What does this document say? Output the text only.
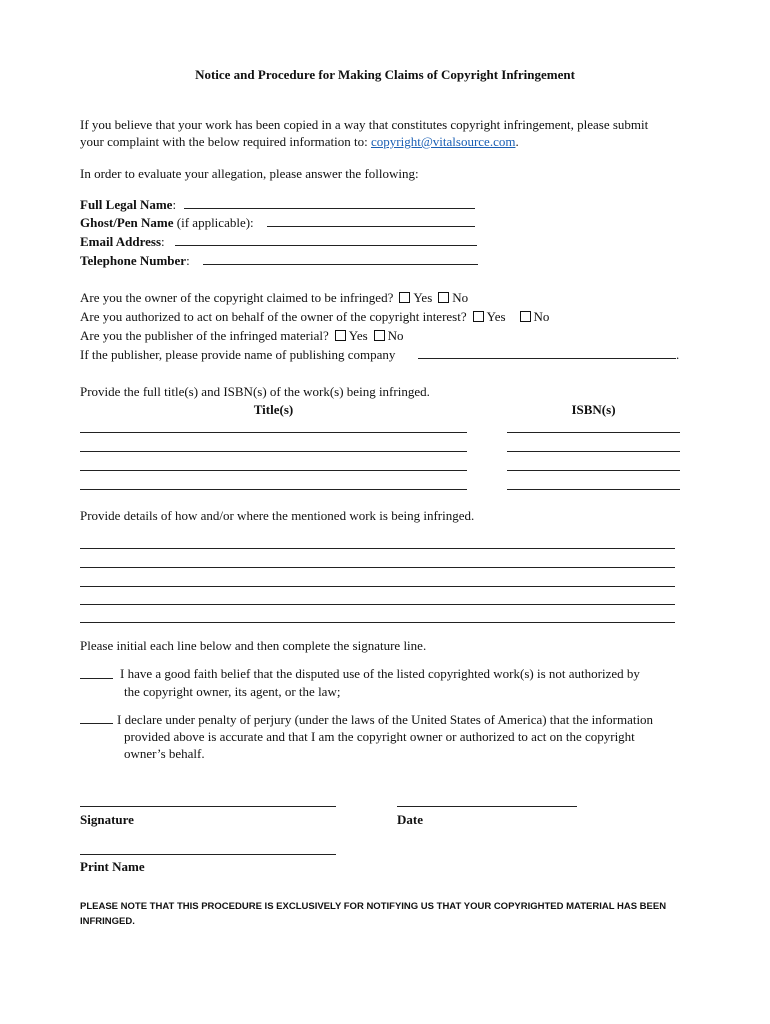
Notice and Procedure for Making Claims of Copyright Infringement
If you believe that your work has been copied in a way that constitutes copyright infringement, please submit
your complaint with the below required information to: copyright@vitalsource.com.
In order to evaluate your allegation, please answer the following:
Full Legal Name:
Ghost/Pen Name (if applicable):
Email Address:
Telephone Number:
Are you the owner of the copyright claimed to be infringed? Yes No
Are you authorized to act on behalf of the owner of the copyright interest? Yes No
Are you the publisher of the infringed material? Yes No
If the publisher, please provide name of publishing company	.
Provide the full title(s) and ISBN(s) of the work(s) being infringed.
Title(s)	ISBN(s)
Provide details of how and/or where the mentioned work is being infringed.
Please initial each line below and then complete the signature line.
I have a good faith belief that the disputed use of the listed copyrighted work(s) is not authorized by
the copyright owner, its agent, or the law;
I declare under penalty of perjury (under the laws of the United States of America) that the information
provided above is accurate and that I am the copyright owner or authorized to act on the copyright
owner’s behalf.
Signature	Date
Print Name
PLEASE NOTE THAT THIS PROCEDURE IS EXCLUSIVELY FOR NOTIFYING US THAT YOUR COPYRIGHTED MATERIAL HAS BEEN INFRINGED.
